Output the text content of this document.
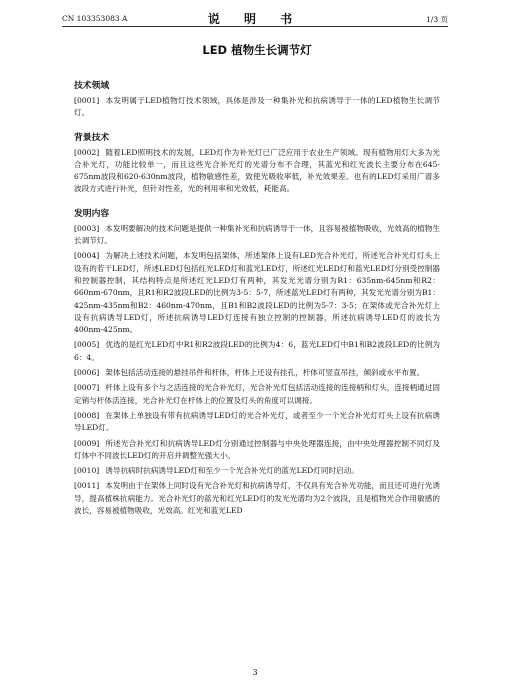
CN 103353083 A	说 明 书	1/3 页
LED 植物生长调节灯
技术领域

[0001] 本发明属于LED植物灯技术领域，具体是涉及一种集补光和抗病诱导于一体的LED植物生长调节灯。

背景技术

[0002] 随着LED照明技术的发展，LED灯作为补光灯已广泛应用于农业生产领域。现有植物用灯大多为光合补光灯，功能比较单一，而且这些光合补光灯的光谱分布不合理，其蓝光和红光波长主要分布在645-675nm波段和620-630nm波段，植物敏感性差，致使光吸收率低，补光效果差。也有的LED灯采用广谱多波段方式进行补光，但针对性差，光的利用率和光效低，耗能高。

发明内容

[0003] 本发明要解决的技术问题是提供一种集补光和抗病诱导于一体，且容易被植物吸收，光效高的植物生长调节灯。

[0004] 为解决上述技术问题，本发明包括架体，所述架体上设有LED光合补光灯，所述光合补光灯灯头上设有的若干LED灯，所述LED灯包括红光LED灯和蓝光LED灯，所述红光LED灯和蓝光LED灯分别受控制器和控制器控制，其结构特点是所述红光LED灯有两种，其发光光谱分别为R1：635nm-645nm和R2：660nm-670nm，且R1和R2波段LED的比例为3-5：5-7，所述蓝光LED灯有两种，其发光光谱分别为B1：425nm-435nm和B2：460nm-470nm，且B1和B2波段LED的比例为5-7：3-5；在架体或光合补光灯上设有抗病诱导LED灯，所述抗病诱导LED灯连接有独立控制的控制器，所述抗病诱导LED灯的波长为400nm-425nm。

[0005] 优选的是红光LED灯中R1和R2波段LED的比例为4：6，蓝光LED灯中B1和B2波段LED的比例为6：4。

[0006] 架体包括活动连接的悬挂吊件和杆体，杆体上还设有挂孔，杆体可竖直吊挂，倾斜或水平布置。

[0007] 杆体上设有多个与之活连接的光合补光灯，光合补光灯包括活动连接的连接柄和灯头，连接柄通过固定销与杆体活连接，光合补光灯在杆体上的位置及灯头的角度可以调接。

[0008] 在架体上单独设有带有抗病诱导LED灯的光合补光灯，或者至少一个光合补光灯灯头上设有抗病诱导LED灯。

[0009] 所述光合补光灯和抗病诱导LED灯分别通过控制器与中央处理器连接，由中央处理器控制不同灯及灯体中不同波长LED灯的开启并调整光强大小。

[0010] 诱导抗病时抗病诱导LED灯和至少一个光合补光灯的蓝光LED灯同时启动。

[0011] 本发明由于在架体上同时设有光合补光灯和抗病诱导灯，不仅具有光合补光功能，而且还可进行光诱导，提高植株抗病能力。光合补光灯的蓝光和红光LED灯的发光光谱均为2个波段，且是植物光合作用敏感的波长，容易被植物吸收，光效高。红光和蓝光LED

3
